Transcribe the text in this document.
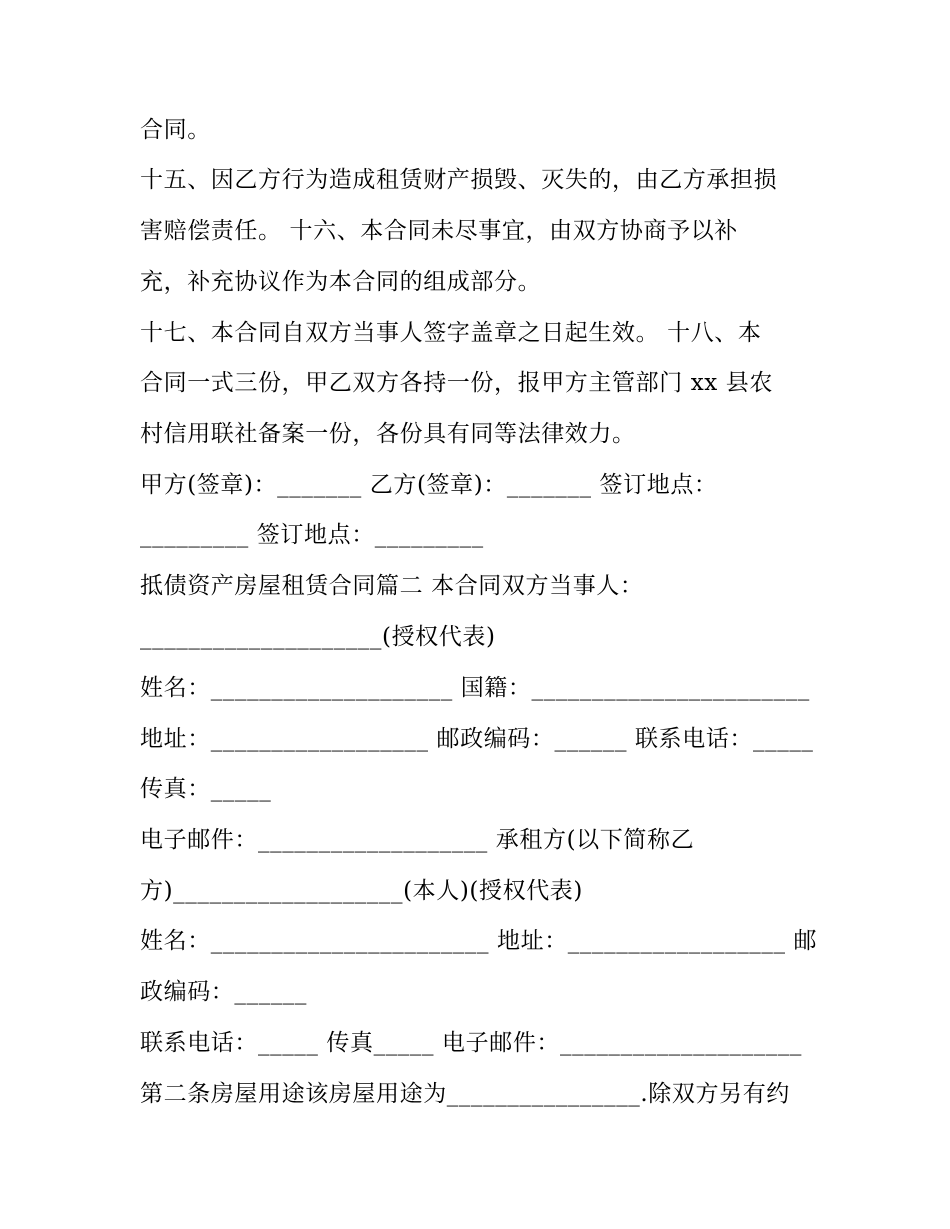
合同。

十五、因乙方行为造成租赁财产损毁、灭失的，由乙方承担损

害赔偿责任。 十六、本合同未尽事宜，由双方协商予以补

充，补充协议作为本合同的组成部分。

十七、本合同自双方当事人签字盖章之日起生效。 十八、本

合同一式三份，甲乙双方各持一份，报甲方主管部门 xx 县农

村信用联社备案一份，各份具有同等法律效力。

甲方(签章)：_______ 乙方(签章)：_______ 签订地点：

_________ 签订地点：_________

抵债资产房屋租赁合同篇二 本合同双方当事人：

____________________(授权代表)

姓名：____________________ 国籍：_______________________

地址：__________________ 邮政编码：______ 联系电话：_____

传真：_____

电子邮件：___________________ 承租方(以下简称乙

方)___________________(本人)(授权代表)

姓名：_______________________ 地址：__________________ 邮

政编码：______

联系电话：_____ 传真_____ 电子邮件：____________________

第二条房屋用途该房屋用途为________________.除双方另有约
